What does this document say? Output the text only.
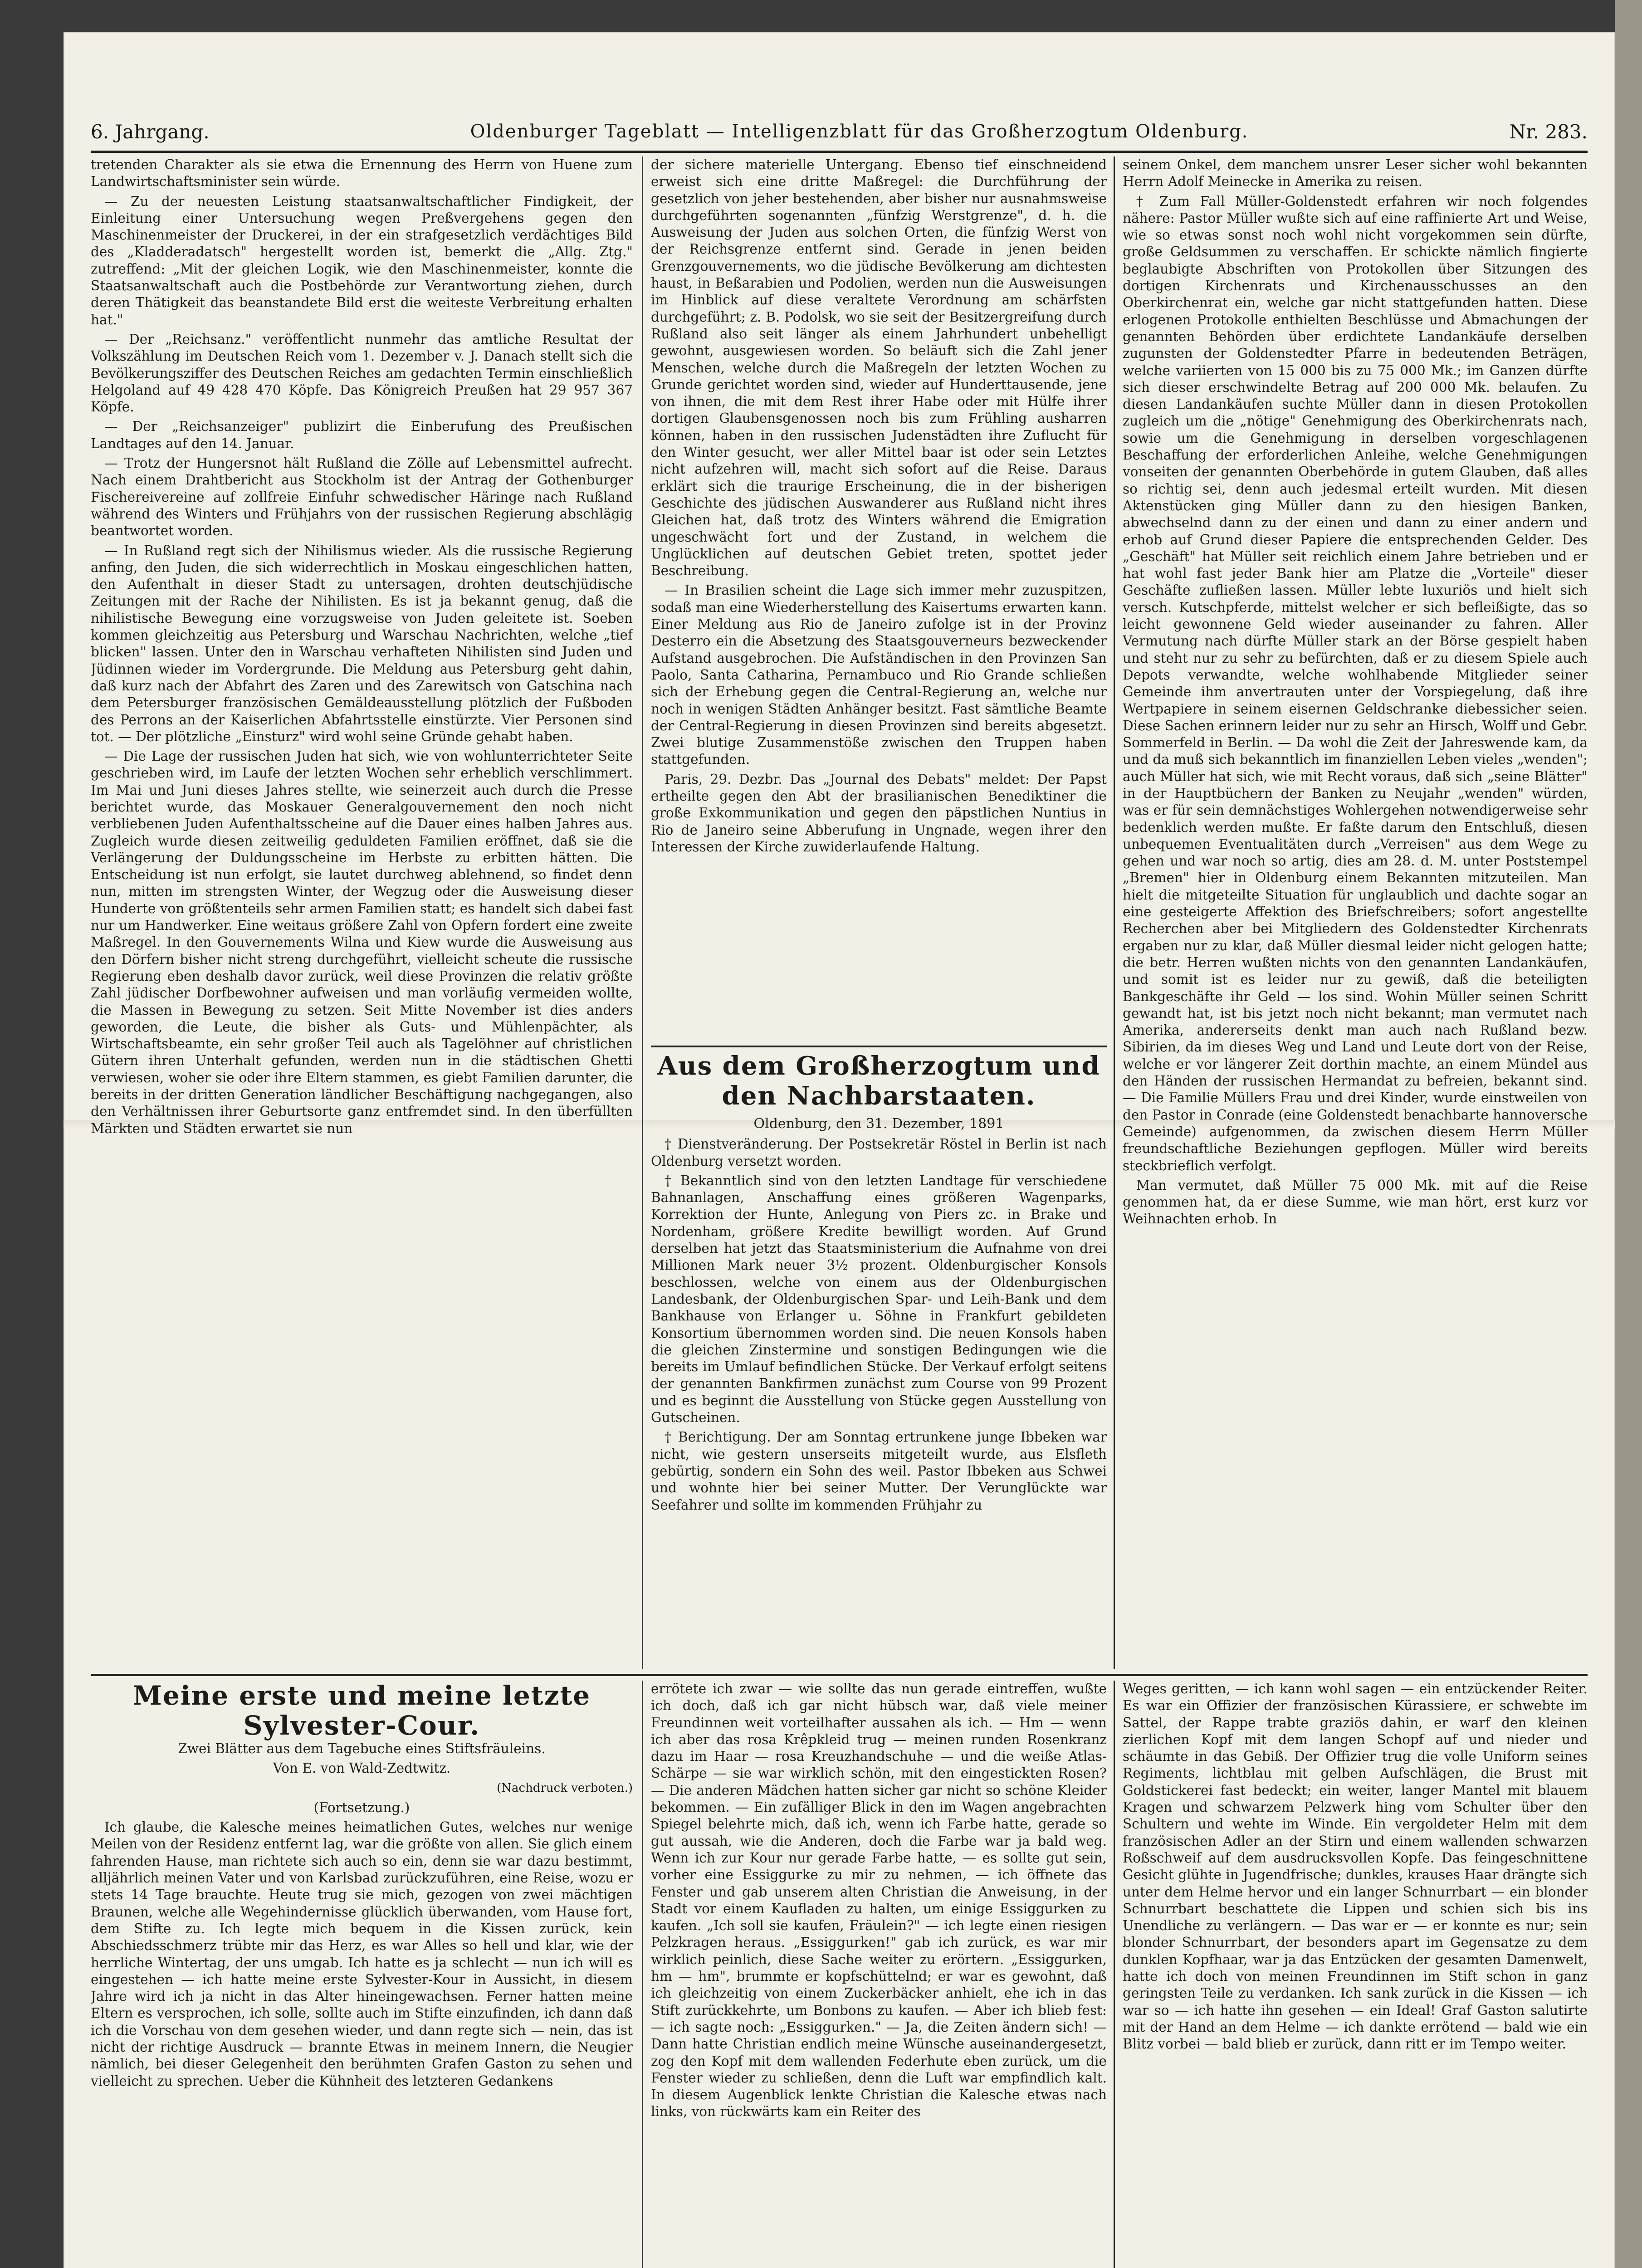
6. Jahrgang.	Oldenburger Tageblatt — Intelligenzblatt für das Großherzogtum Oldenburg.	Nr. 283.

tretenden Charakter als sie etwa die Ernennung des Herrn von Huene zum Landwirtschaftsminister sein würde.

— Zu der neuesten Leistung staatsanwaltschaftlicher Findigkeit, der Einleitung einer Untersuchung wegen Preßvergehens gegen den Maschinenmeister der Druckerei, in der ein strafgesetzlich verdächtiges Bild des „Kladderadatsch" hergestellt worden ist, bemerkt die „Allg. Ztg." zutreffend: „Mit der gleichen Logik, wie den Maschinenmeister, konnte die Staatsanwaltschaft auch die Postbehörde zur Verantwortung ziehen, durch deren Thätigkeit das beanstandete Bild erst die weiteste Verbreitung erhalten hat."

— Der „Reichsanz." veröffentlicht nunmehr das amtliche Resultat der Volkszählung im Deutschen Reich vom 1. Dezember v. J. Danach stellt sich die Bevölkerungsziffer des Deutschen Reiches am gedachten Termin einschließlich Helgoland auf 49 428 470 Köpfe. Das Königreich Preußen hat 29 957 367 Köpfe.

— Der „Reichsanzeiger" publizirt die Einberufung des Preußischen Landtages auf den 14. Januar.

— Trotz der Hungersnot hält Rußland die Zölle auf Lebensmittel aufrecht. Nach einem Drahtbericht aus Stockholm ist der Antrag der Gothenburger Fischereivereine auf zollfreie Einfuhr schwedischer Häringe nach Rußland während des Winters und Frühjahrs von der russischen Regierung abschlägig beantwortet worden.

— In Rußland regt sich der Nihilismus wieder. Als die russische Regierung anfing, den Juden, die sich widerrechtlich in Moskau eingeschlichen hatten, den Aufenthalt in dieser Stadt zu untersagen, drohten deutschjüdische Zeitungen mit der Rache der Nihilisten. Es ist ja bekannt genug, daß die nihilistische Bewegung eine vorzugsweise von Juden geleitete ist. Soeben kommen gleichzeitig aus Petersburg und Warschau Nachrichten, welche „tief blicken" lassen. Unter den in Warschau verhafteten Nihilisten sind Juden und Jüdinnen wieder im Vordergrunde. Die Meldung aus Petersburg geht dahin, daß kurz nach der Abfahrt des Zaren und des Zarewitsch von Gatschina nach dem Petersburger französischen Gemäldeausstellung plötzlich der Fußboden des Perrons an der Kaiserlichen Abfahrtsstelle einstürzte. Vier Personen sind tot. — Der plötzliche „Einsturz" wird wohl seine Gründe gehabt haben.

— Die Lage der russischen Juden hat sich, wie von wohlunterrichteter Seite geschrieben wird, im Laufe der letzten Wochen sehr erheblich verschlimmert. Im Mai und Juni dieses Jahres stellte, wie seinerzeit auch durch die Presse berichtet wurde, das Moskauer Generalgouvernement den noch nicht verbliebenen Juden Aufenthaltsscheine auf die Dauer eines halben Jahres aus. Zugleich wurde diesen zeitweilig geduldeten Familien eröffnet, daß sie die Verlängerung der Duldungsscheine im Herbste zu erbitten hätten. Die Entscheidung ist nun erfolgt, sie lautet durchweg ablehnend, so findet denn nun, mitten im strengsten Winter, der Wegzug oder die Ausweisung dieser Hunderte von größtenteils sehr armen Familien statt; es handelt sich dabei fast nur um Handwerker. Eine weitaus größere Zahl von Opfern fordert eine zweite Maßregel. In den Gouvernements Wilna und Kiew wurde die Ausweisung aus den Dörfern bisher nicht streng durchgeführt, vielleicht scheute die russische Regierung eben deshalb davor zurück, weil diese Provinzen die relativ größte Zahl jüdischer Dorfbewohner aufweisen und man vorläufig vermeiden wollte, die Massen in Bewegung zu setzen. Seit Mitte November ist dies anders geworden, die Leute, die bisher als Guts- und Mühlenpächter, als Wirtschaftsbeamte, ein sehr großer Teil auch als Tagelöhner auf christlichen Gütern ihren Unterhalt gefunden, werden nun in die städtischen Ghetti verwiesen, woher sie oder ihre Eltern stammen, es giebt Familien darunter, die bereits in der dritten Generation ländlicher Beschäftigung nachgegangen, also den Verhältnissen ihrer Geburtsorte ganz entfremdet sind. In den überfüllten Märkten und Städten erwartet sie nun

der sichere materielle Untergang. Ebenso tief einschneidend erweist sich eine dritte Maßregel: die Durchführung der gesetzlich von jeher bestehenden, aber bisher nur ausnahmsweise durchgeführten sogenannten „fünfzig Werstgrenze", d. h. die Ausweisung der Juden aus solchen Orten, die fünfzig Werst von der Reichsgrenze entfernt sind. Gerade in jenen beiden Grenzgouvernements, wo die jüdische Bevölkerung am dichtesten haust, in Beßarabien und Podolien, werden nun die Ausweisungen im Hinblick auf diese veraltete Verordnung am schärfsten durchgeführt; z. B. Podolsk, wo sie seit der Besitzergreifung durch Rußland also seit länger als einem Jahrhundert unbehelligt gewohnt, ausgewiesen worden. So beläuft sich die Zahl jener Menschen, welche durch die Maßregeln der letzten Wochen zu Grunde gerichtet worden sind, wieder auf Hunderttausende, jene von ihnen, die mit dem Rest ihrer Habe oder mit Hülfe ihrer dortigen Glaubensgenossen noch bis zum Frühling ausharren können, haben in den russischen Judenstädten ihre Zuflucht für den Winter gesucht, wer aller Mittel baar ist oder sein Letztes nicht aufzehren will, macht sich sofort auf die Reise. Daraus erklärt sich die traurige Erscheinung, die in der bisherigen Geschichte des jüdischen Auswanderer aus Rußland nicht ihres Gleichen hat, daß trotz des Winters während die Emigration ungeschwächt fort und der Zustand, in welchem die Unglücklichen auf deutschen Gebiet treten, spottet jeder Beschreibung.

— In Brasilien scheint die Lage sich immer mehr zuzuspitzen, sodaß man eine Wiederherstellung des Kaisertums erwarten kann. Einer Meldung aus Rio de Janeiro zufolge ist in der Provinz Desterro ein die Absetzung des Staatsgouverneurs bezweckender Aufstand ausgebrochen. Die Aufständischen in den Provinzen San Paolo, Santa Catharina, Pernambuco und Rio Grande schließen sich der Erhebung gegen die Central-Regierung an, welche nur noch in wenigen Städten Anhänger besitzt. Fast sämtliche Beamte der Central-Regierung in diesen Provinzen sind bereits abgesetzt. Zwei blutige Zusammenstöße zwischen den Truppen haben stattgefunden.

Paris, 29. Dezbr. Das „Journal des Debats" meldet: Der Papst ertheilte gegen den Abt der brasilianischen Benediktiner die große Exkommunikation und gegen den päpstlichen Nuntius in Rio de Janeiro seine Abberufung in Ungnade, wegen ihrer den Interessen der Kirche zuwiderlaufende Haltung.

Aus dem Großherzogtum und den Nachbarstaaten.
Oldenburg, den 31. Dezember, 1891

† Dienstveränderung. Der Postsekretär Röstel in Berlin ist nach Oldenburg versetzt worden.

† Bekanntlich sind von den letzten Landtage für verschiedene Bahnanlagen, Anschaffung eines größeren Wagenparks, Korrektion der Hunte, Anlegung von Piers zc. in Brake und Nordenham, größere Kredite bewilligt worden. Auf Grund derselben hat jetzt das Staatsministerium die Aufnahme von drei Millionen Mark neuer 3½ prozent. Oldenburgischer Konsols beschlossen, welche von einem aus der Oldenburgischen Landesbank, der Oldenburgischen Spar- und Leih-Bank und dem Bankhause von Erlanger u. Söhne in Frankfurt gebildeten Konsortium übernommen worden sind. Die neuen Konsols haben die gleichen Zinstermine und sonstigen Bedingungen wie die bereits im Umlauf befindlichen Stücke. Der Verkauf erfolgt seitens der genannten Bankfirmen zunächst zum Course von 99 Prozent und es beginnt die Ausstellung von Stücke gegen Ausstellung von Gutscheinen.

† Berichtigung. Der am Sonntag ertrunkene junge Ibbeken war nicht, wie gestern unserseits mitgeteilt wurde, aus Elsfleth gebürtig, sondern ein Sohn des weil. Pastor Ibbeken aus Schwei und wohnte hier bei seiner Mutter. Der Verunglückte war Seefahrer und sollte im kommenden Frühjahr zu

seinem Onkel, dem manchem unsrer Leser sicher wohl bekannten Herrn Adolf Meinecke in Amerika zu reisen.

† Zum Fall Müller-Goldenstedt erfahren wir noch folgendes nähere: Pastor Müller wußte sich auf eine raffinierte Art und Weise, wie so etwas sonst noch wohl nicht vorgekommen sein dürfte, große Geldsummen zu verschaffen. Er schickte nämlich fingierte beglaubigte Abschriften von Protokollen über Sitzungen des dortigen Kirchenrats und Kirchenausschusses an den Oberkirchenrat ein, welche gar nicht stattgefunden hatten. Diese erlogenen Protokolle enthielten Beschlüsse und Abmachungen der genannten Behörden über erdichtete Landankäufe derselben zugunsten der Goldenstedter Pfarre in bedeutenden Beträgen, welche variierten von 15 000 bis zu 75 000 Mk.; im Ganzen dürfte sich dieser erschwindelte Betrag auf 200 000 Mk. belaufen. Zu diesen Landankäufen suchte Müller dann in diesen Protokollen zugleich um die „nötige" Genehmigung des Oberkirchenrats nach, sowie um die Genehmigung in derselben vorgeschlagenen Beschaffung der erforderlichen Anleihe, welche Genehmigungen vonseiten der genannten Oberbehörde in gutem Glauben, daß alles so richtig sei, denn auch jedesmal erteilt wurden. Mit diesen Aktenstücken ging Müller dann zu den hiesigen Banken, abwechselnd dann zu der einen und dann zu einer andern und erhob auf Grund dieser Papiere die entsprechenden Gelder. Des „Geschäft" hat Müller seit reichlich einem Jahre betrieben und er hat wohl fast jeder Bank hier am Platze die „Vorteile" dieser Geschäfte zufließen lassen. Müller lebte luxuriös und hielt sich versch. Kutschpferde, mittelst welcher er sich befleißigte, das so leicht gewonnene Geld wieder auseinander zu fahren. Aller Vermutung nach dürfte Müller stark an der Börse gespielt haben und steht nur zu sehr zu befürchten, daß er zu diesem Spiele auch Depots verwandte, welche wohlhabende Mitglieder seiner Gemeinde ihm anvertrauten unter der Vorspiegelung, daß ihre Wertpapiere in seinem eisernen Geldschranke diebessicher seien. Diese Sachen erinnern leider nur zu sehr an Hirsch, Wolff und Gebr. Sommerfeld in Berlin. — Da wohl die Zeit der Jahreswende kam, da und da muß sich bekanntlich im finanziellen Leben vieles „wenden"; auch Müller hat sich, wie mit Recht voraus, daß sich „seine Blätter" in der Hauptbüchern der Banken zu Neujahr „wenden" würden, was er für sein demnächstiges Wohlergehen notwendigerweise sehr bedenklich werden mußte. Er faßte darum den Entschluß, diesen unbequemen Eventualitäten durch „Verreisen" aus dem Wege zu gehen und war noch so artig, dies am 28. d. M. unter Poststempel „Bremen" hier in Oldenburg einem Bekannten mitzuteilen. Man hielt die mitgeteilte Situation für unglaublich und dachte sogar an eine gesteigerte Affektion des Briefschreibers; sofort angestellte Recherchen aber bei Mitgliedern des Goldenstedter Kirchenrats ergaben nur zu klar, daß Müller diesmal leider nicht gelogen hatte; die betr. Herren wußten nichts von den genannten Landankäufen, und somit ist es leider nur zu gewiß, daß die beteiligten Bankgeschäfte ihr Geld — los sind. Wohin Müller seinen Schritt gewandt hat, ist bis jetzt noch nicht bekannt; man vermutet nach Amerika, andererseits denkt man auch nach Rußland bezw. Sibirien, da im dieses Weg und Land und Leute dort von der Reise, welche er vor längerer Zeit dorthin machte, an einem Mündel aus den Händen der russischen Hermandat zu befreien, bekannt sind. — Die Familie Müllers Frau und drei Kinder, wurde einstweilen von den Pastor in Conrade (eine Goldenstedt benachbarte hannoversche Gemeinde) aufgenommen, da zwischen diesem Herrn Müller freundschaftliche Beziehungen gepflogen. Müller wird bereits steckbrieflich verfolgt.

Man vermutet, daß Müller 75 000 Mk. mit auf die Reise genommen hat, da er diese Summe, wie man hört, erst kurz vor Weihnachten erhob. In

Meine erste und meine letzte
Sylvester-Cour.

Zwei Blätter aus dem Tagebuche eines Stiftsfräuleins.

Von E. von Wald-Zedtwitz.

(Nachdruck verboten.)

(Fortsetzung.)

Ich glaube, die Kalesche meines heimatlichen Gutes, welches nur wenige Meilen von der Residenz entfernt lag, war die größte von allen. Sie glich einem fahrenden Hause, man richtete sich auch so ein, denn sie war dazu bestimmt, alljährlich meinen Vater und von Karlsbad zurückzuführen, eine Reise, wozu er stets 14 Tage brauchte. Heute trug sie mich, gezogen von zwei mächtigen Braunen, welche alle Wegehindernisse glücklich überwanden, vom Hause fort, dem Stifte zu. Ich legte mich bequem in die Kissen zurück, kein Abschiedsschmerz trübte mir das Herz, es war Alles so hell und klar, wie der herrliche Wintertag, der uns umgab. Ich hatte es ja schlecht — nun ich will es eingestehen — ich hatte meine erste Sylvester-Kour in Aussicht, in diesem Jahre wird ich ja nicht in das Alter hineingewachsen. Ferner hatten meine Eltern es versprochen, ich solle, sollte auch im Stifte einzufinden, ich dann daß ich die Vorschau von dem gesehen wieder, und dann regte sich — nein, das ist nicht der richtige Ausdruck — brannte Etwas in meinem Innern, die Neugier nämlich, bei dieser Gelegenheit den berühmten Grafen Gaston zu sehen und vielleicht zu sprechen. Ueber die Kühnheit des letzteren Gedankens

errötete ich zwar — wie sollte das nun gerade eintreffen, wußte ich doch, daß ich gar nicht hübsch war, daß viele meiner Freundinnen weit vorteilhafter aussahen als ich. — Hm — wenn ich aber das rosa Krêpkleid trug — meinen runden Rosenkranz dazu im Haar — rosa Kreuzhandschuhe — und die weiße Atlas-Schärpe — sie war wirklich schön, mit den eingestickten Rosen? — Die anderen Mädchen hatten sicher gar nicht so schöne Kleider bekommen. — Ein zufälliger Blick in den im Wagen angebrachten Spiegel belehrte mich, daß ich, wenn ich Farbe hatte, gerade so gut aussah, wie die Anderen, doch die Farbe war ja bald weg. Wenn ich zur Kour nur gerade Farbe hatte, — es sollte gut sein, vorher eine Essiggurke zu mir zu nehmen, — ich öffnete das Fenster und gab unserem alten Christian die Anweisung, in der Stadt vor einem Kaufladen zu halten, um einige Essiggurken zu kaufen. „Ich soll sie kaufen, Fräulein?" — ich legte einen riesigen Pelzkragen heraus. „Essiggurken!" gab ich zurück, es war mir wirklich peinlich, diese Sache weiter zu erörtern. „Essiggurken, hm — hm", brummte er kopfschüttelnd; er war es gewohnt, daß ich gleichzeitig von einem Zuckerbäcker anhielt, ehe ich in das Stift zurückkehrte, um Bonbons zu kaufen. — Aber ich blieb fest: — ich sagte noch: „Essiggurken." — Ja, die Zeiten ändern sich! — Dann hatte Christian endlich meine Wünsche auseinandergesetzt, zog den Kopf mit dem wallenden Federhute eben zurück, um die Fenster wieder zu schließen, denn die Luft war empfindlich kalt. In diesem Augenblick lenkte Christian die Kalesche etwas nach links, von rückwärts kam ein Reiter des

Weges geritten, — ich kann wohl sagen — ein entzückender Reiter. Es war ein Offizier der französischen Kürassiere, er schwebte im Sattel, der Rappe trabte graziös dahin, er warf den kleinen zierlichen Kopf mit dem langen Schopf auf und nieder und schäumte in das Gebiß. Der Offizier trug die volle Uniform seines Regiments, lichtblau mit gelben Aufschlägen, die Brust mit Goldstickerei fast bedeckt; ein weiter, langer Mantel mit blauem Kragen und schwarzem Pelzwerk hing vom Schulter über den Schultern und wehte im Winde. Ein vergoldeter Helm mit dem französischen Adler an der Stirn und einem wallenden schwarzen Roßschweif auf dem ausdrucksvollen Kopfe. Das feingeschnittene Gesicht glühte in Jugendfrische; dunkles, krauses Haar drängte sich unter dem Helme hervor und ein langer Schnurrbart — ein blonder Schnurrbart beschattete die Lippen und schien sich bis ins Unendliche zu verlängern. — Das war er — er konnte es nur; sein blonder Schnurrbart, der besonders apart im Gegensatze zu dem dunklen Kopfhaar, war ja das Entzücken der gesamten Damenwelt, hatte ich doch von meinen Freundinnen im Stift schon in ganz geringsten Teile zu verdanken. Ich sank zurück in die Kissen — ich war so — ich hatte ihn gesehen — ein Ideal! Graf Gaston salutirte mit der Hand an dem Helme — ich dankte errötend — bald wie ein Blitz vorbei — bald blieb er zurück, dann ritt er im Tempo weiter.
